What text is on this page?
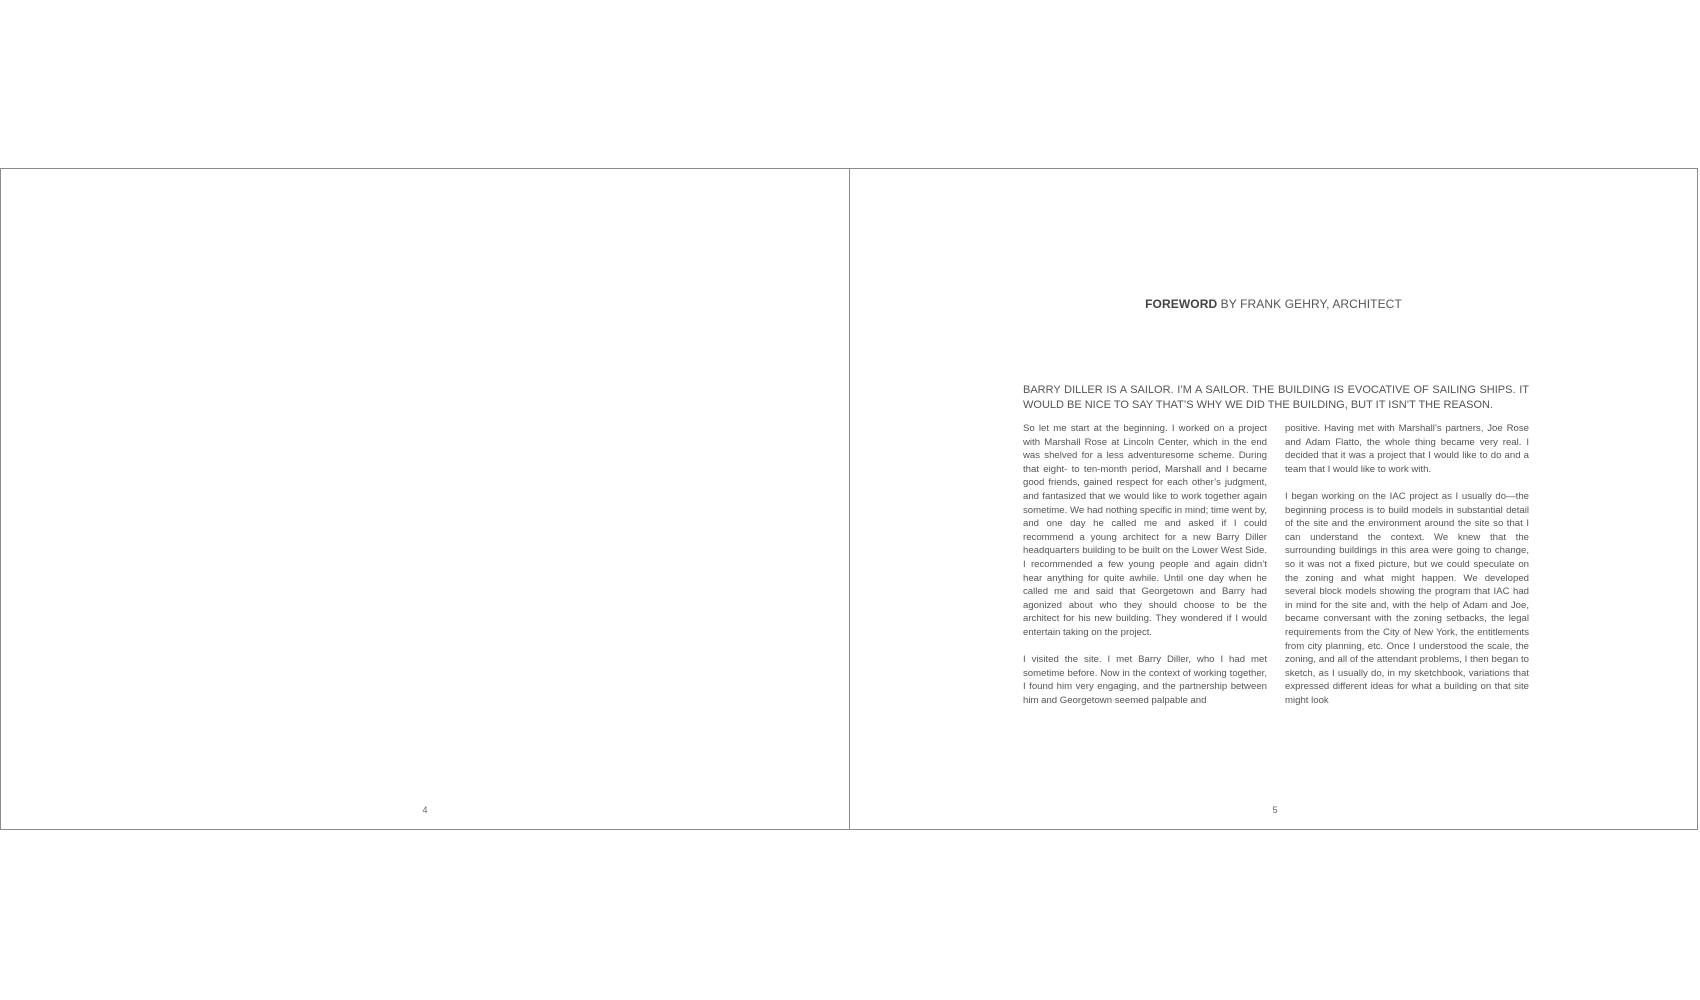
4
FOREWORD BY FRANK GEHRY, ARCHITECT
BARRY DILLER IS A SAILOR. I’M A SAILOR. THE BUILDING IS EVOCATIVE OF SAILING SHIPS. IT WOULD BE NICE TO SAY THAT’S WHY WE DID THE BUILDING, BUT IT ISN’T THE REASON.

So let me start at the beginning. I worked on a project with Marshall Rose at Lincoln Center, which in the end was shelved for a less adventuresome scheme. During that eight- to ten-month period, Marshall and I became good friends, gained respect for each other’s judgment, and fantasized that we would like to work together again sometime. We had nothing specific in mind; time went by, and one day he called me and asked if I could recommend a young architect for a new Barry Diller headquarters building to be built on the Lower West Side. I recommended a few young people and again didn’t hear anything for quite awhile. Until one day when he called me and said that Georgetown and Barry had agonized about who they should choose to be the architect for his new building. They wondered if I would entertain taking on the project.

I visited the site. I met Barry Diller, who I had met sometime before. Now in the context of working together, I found him very engaging, and the partnership between him and Georgetown seemed palpable and

positive. Having met with Marshall’s partners, Joe Rose and Adam Flatto, the whole thing became very real. I decided that it was a project that I would like to do and a team that I would like to work with.

I began working on the IAC project as I usually do—the beginning process is to build models in substantial detail of the site and the environment around the site so that I can understand the context. We knew that the surrounding buildings in this area were going to change, so it was not a fixed picture, but we could speculate on the zoning and what might happen. We developed several block models showing the program that IAC had in mind for the site and, with the help of Adam and Joe, became conversant with the zoning setbacks, the legal requirements from the City of New York, the entitlements from city planning, etc. Once I understood the scale, the zoning, and all of the attendant problems, I then began to sketch, as I usually do, in my sketchbook, variations that expressed different ideas for what a building on that site might look

5
